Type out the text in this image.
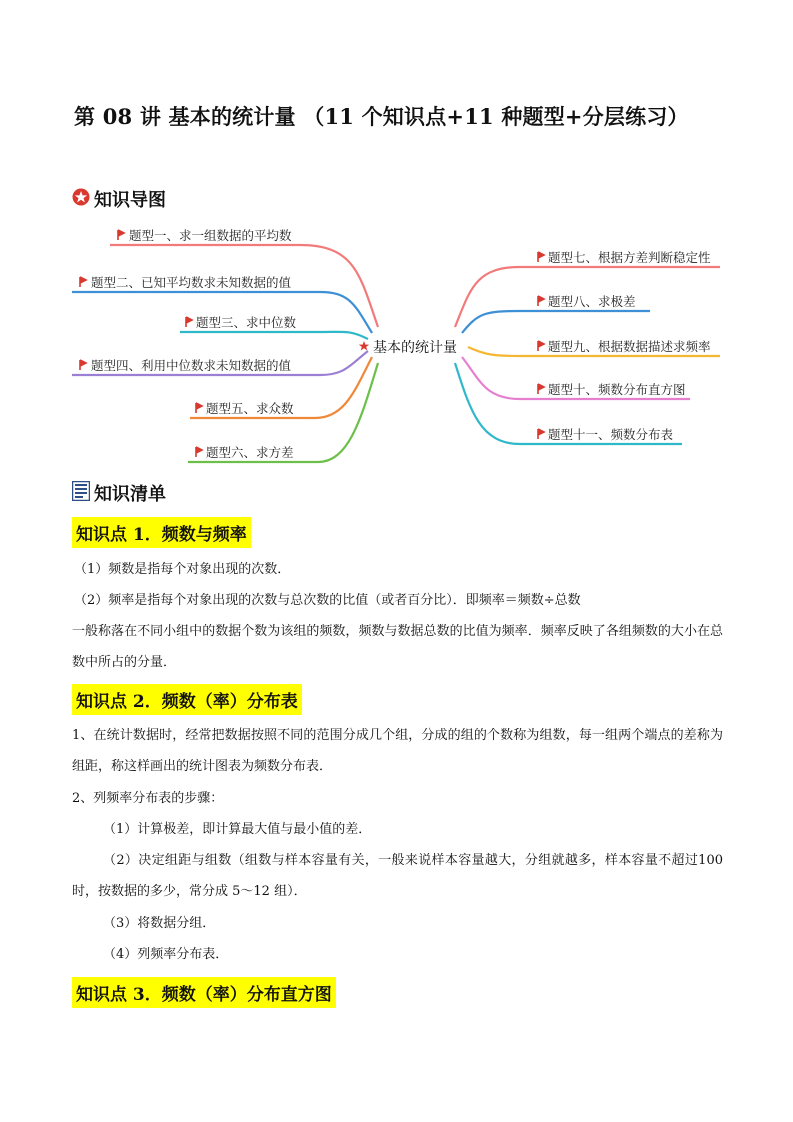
第 08 讲 基本的统计量 （11 个知识点+11 种题型+分层练习）
知识导图
基本的统计量
题型一、求一组数据的平均数
题型二、已知平均数求未知数据的值
题型三、求中位数
题型四、利用中位数求未知数据的值
题型五、求众数
题型六、求方差
题型七、根据方差判断稳定性
题型八、求极差
题型九、根据数据描述求频率
题型十、频数分布直方图
题型十一、频数分布表
知识清单
知识点 1．频数与频率
（1）频数是指每个对象出现的次数．
（2）频率是指每个对象出现的次数与总次数的比值（或者百分比）．即频率＝频数÷总数
一般称落在不同小组中的数据个数为该组的频数，频数与数据总数的比值为频率．频率反映了各组频数的大小在总数中所占的分量．
知识点 2．频数（率）分布表
1、在统计数据时，经常把数据按照不同的范围分成几个组，分成的组的个数称为组数，每一组两个端点的差称为组距，称这样画出的统计图表为频数分布表．
2、列频率分布表的步骤：
（1）计算极差，即计算最大值与最小值的差．
（2）决定组距与组数（组数与样本容量有关，一般来说样本容量越大，分组就越多，样本容量不超过100 时，按数据的多少，常分成 5～12 组）．
（3）将数据分组．
（4）列频率分布表．
知识点 3．频数（率）分布直方图
